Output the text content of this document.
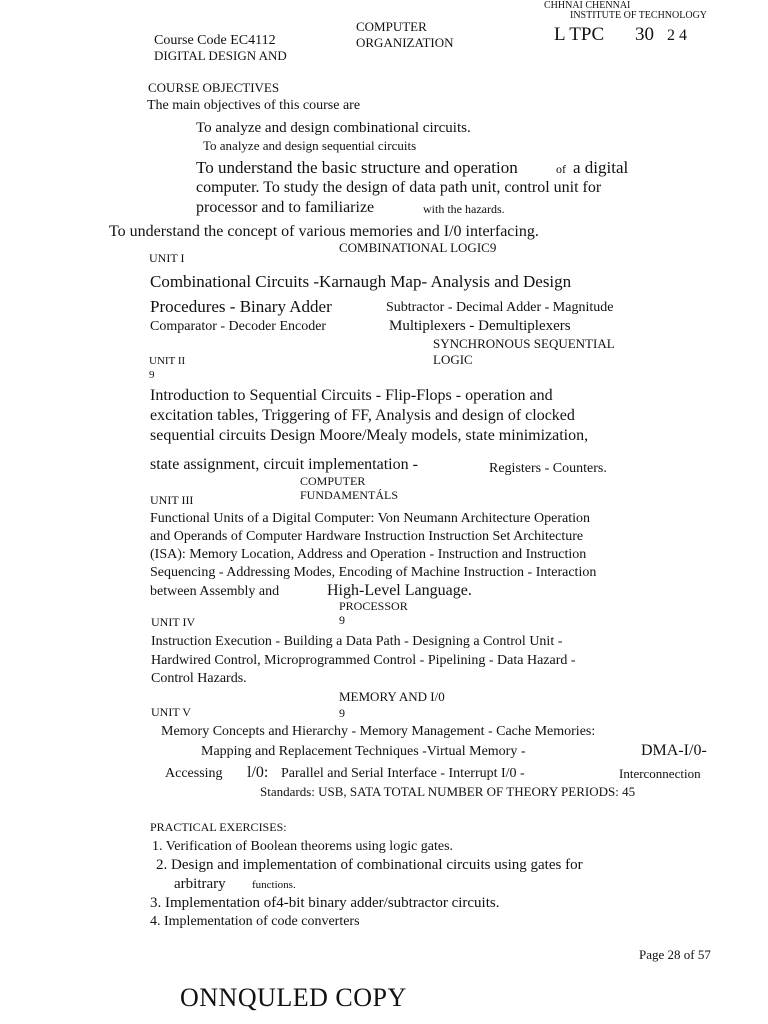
CHHNAI CHENNAI
INSTITUTE OF TECHNOLOGY
Course Code EC4112
DIGITAL DESIGN AND
COMPUTER
ORGANIZATION	L TPC 30 2 4
COURSE OBJECTIVES
The main objectives of this course are
To analyze and design combinational circuits.
To analyze and design sequential circuits
To understand the basic structure and operation	of a digital
computer. To study the design of data path unit, control unit for
processor and to familiarize	with the hazards.
To understand the concept of various memories and I/0 interfacing.
COMBINATIONAL LOGIC9
UNIT I
Combinational Circuits -Karnaugh Map- Analysis and Design
Procedures - Binary Adder	Subtractor - Decimal Adder - Magnitude
Comparator - Decoder Encoder	Multiplexers - Demultiplexers
SYNCHRONOUS SEQUENTIAL
LOGIC
UNIT II
9
Introduction to Sequential Circuits - Flip-Flops - operation and
excitation tables, Triggering of FF, Analysis and design of clocked
sequential circuits Design Moore/Mealy models, state minimization,
state assignment, circuit implementation -	Registers - Counters.
COMPUTER
FUNDAMENTÁLS
UNIT III
Functional Units of a Digital Computer: Von Neumann Architecture Operation
and Operands of Computer Hardware Instruction Instruction Set Architecture
(ISA): Memory Location, Address and Operation - Instruction and Instruction
Sequencing - Addressing Modes, Encoding of Machine Instruction - Interaction
between Assembly and	High-Level Language.
PROCESSOR
9
UNIT IV
Instruction Execution - Building a Data Path - Designing a Control Unit -
Hardwired Control, Microprogrammed Control - Pipelining - Data Hazard -
Control Hazards.
MEMORY AND I/0
9
UNIT V
Memory Concepts and Hierarchy - Memory Management - Cache Memories:
Mapping and Replacement Techniques -Virtual Memory -	DMA-I/0-
Accessing l/0: Parallel and Serial Interface - Interrupt I/0 -	Interconnection
Standards: USB, SATA TOTAL NUMBER OF THEORY PERIODS: 45
PRACTICAL EXERCISES:
1. Verification of Boolean theorems using logic gates.
2. Design and implementation of combinational circuits using gates for
arbitrary functions.
3. Implementation of4-bit binary adder/subtractor circuits.
4. Implementation of code converters
Page 28 of 57
ONNQULED COPY
